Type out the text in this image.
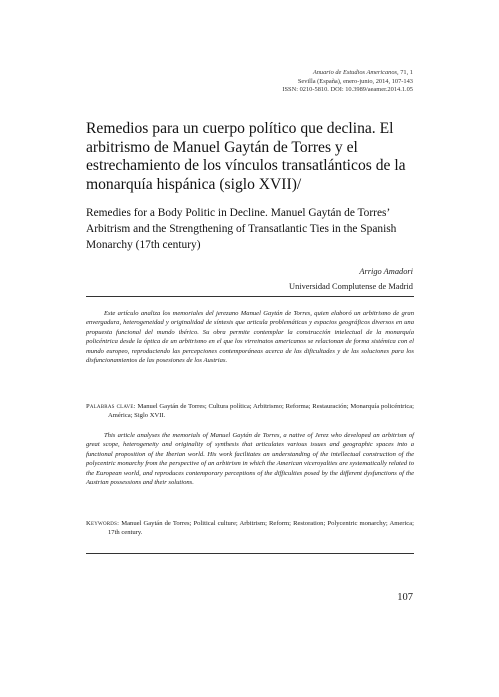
Anuario de Estudios Americanos, 71, 1
Sevilla (España), enero-junio, 2014, 107-143
ISSN: 0210-5810. DOI: 10.3989/aeamer.2014.1.05
Remedios para un cuerpo político que declina. El arbitrismo de Manuel Gaytán de Torres y el estrechamiento de los vínculos transatlánticos de la monarquía hispánica (siglo XVII)/
Remedies for a Body Politic in Decline. Manuel Gaytán de Torres’ Arbitrism and the Strengthening of Transatlantic Ties in the Spanish Monarchy (17th century)
Arrigo Amadori
Universidad Complutense de Madrid
Este artículo analiza los memoriales del jerezano Manuel Gaytán de Torres, quien elaboró un arbitrismo de gran envergadura, heterogeneidad y originalidad de síntesis que articula problemáticas y espacios geográficos diversos en una propuesta funcional del mundo ibérico. Su obra permite contemplar la construcción intelectual de la monarquía policéntrica desde la óptica de un arbitrismo en el que los virreinatos americanos se relacionan de forma sistémica con el mundo europeo, reproduciendo las percepciones contemporáneas acerca de las dificultades y de las soluciones para los disfuncionamientos de las posesiones de los Austrias.
Palabras clave: Manuel Gaytán de Torres; Cultura política; Arbitrismo; Reforma; Restauración; Monarquía policéntrica; América; Siglo XVII.
This article analyses the memorials of Manuel Gaytán de Torres, a native of Jerez who developed an arbitrism of great scope, heterogeneity and originality of synthesis that articulates various issues and geographic spaces into a functional proposition of the Iberian world. His work facilitates an understanding of the intellectual construction of the polycentric monarchy from the perspective of an arbitrism in which the American viceroyalties are systematically related to the European world, and reproduces contemporary perceptions of the difficulties posed by the different dysfunctions of the Austrian possessions and their solutions.
Keywords: Manuel Gaytán de Torres; Political culture; Arbitrism; Reform; Restoration; Polycentric monarchy; America; 17th century.
107
